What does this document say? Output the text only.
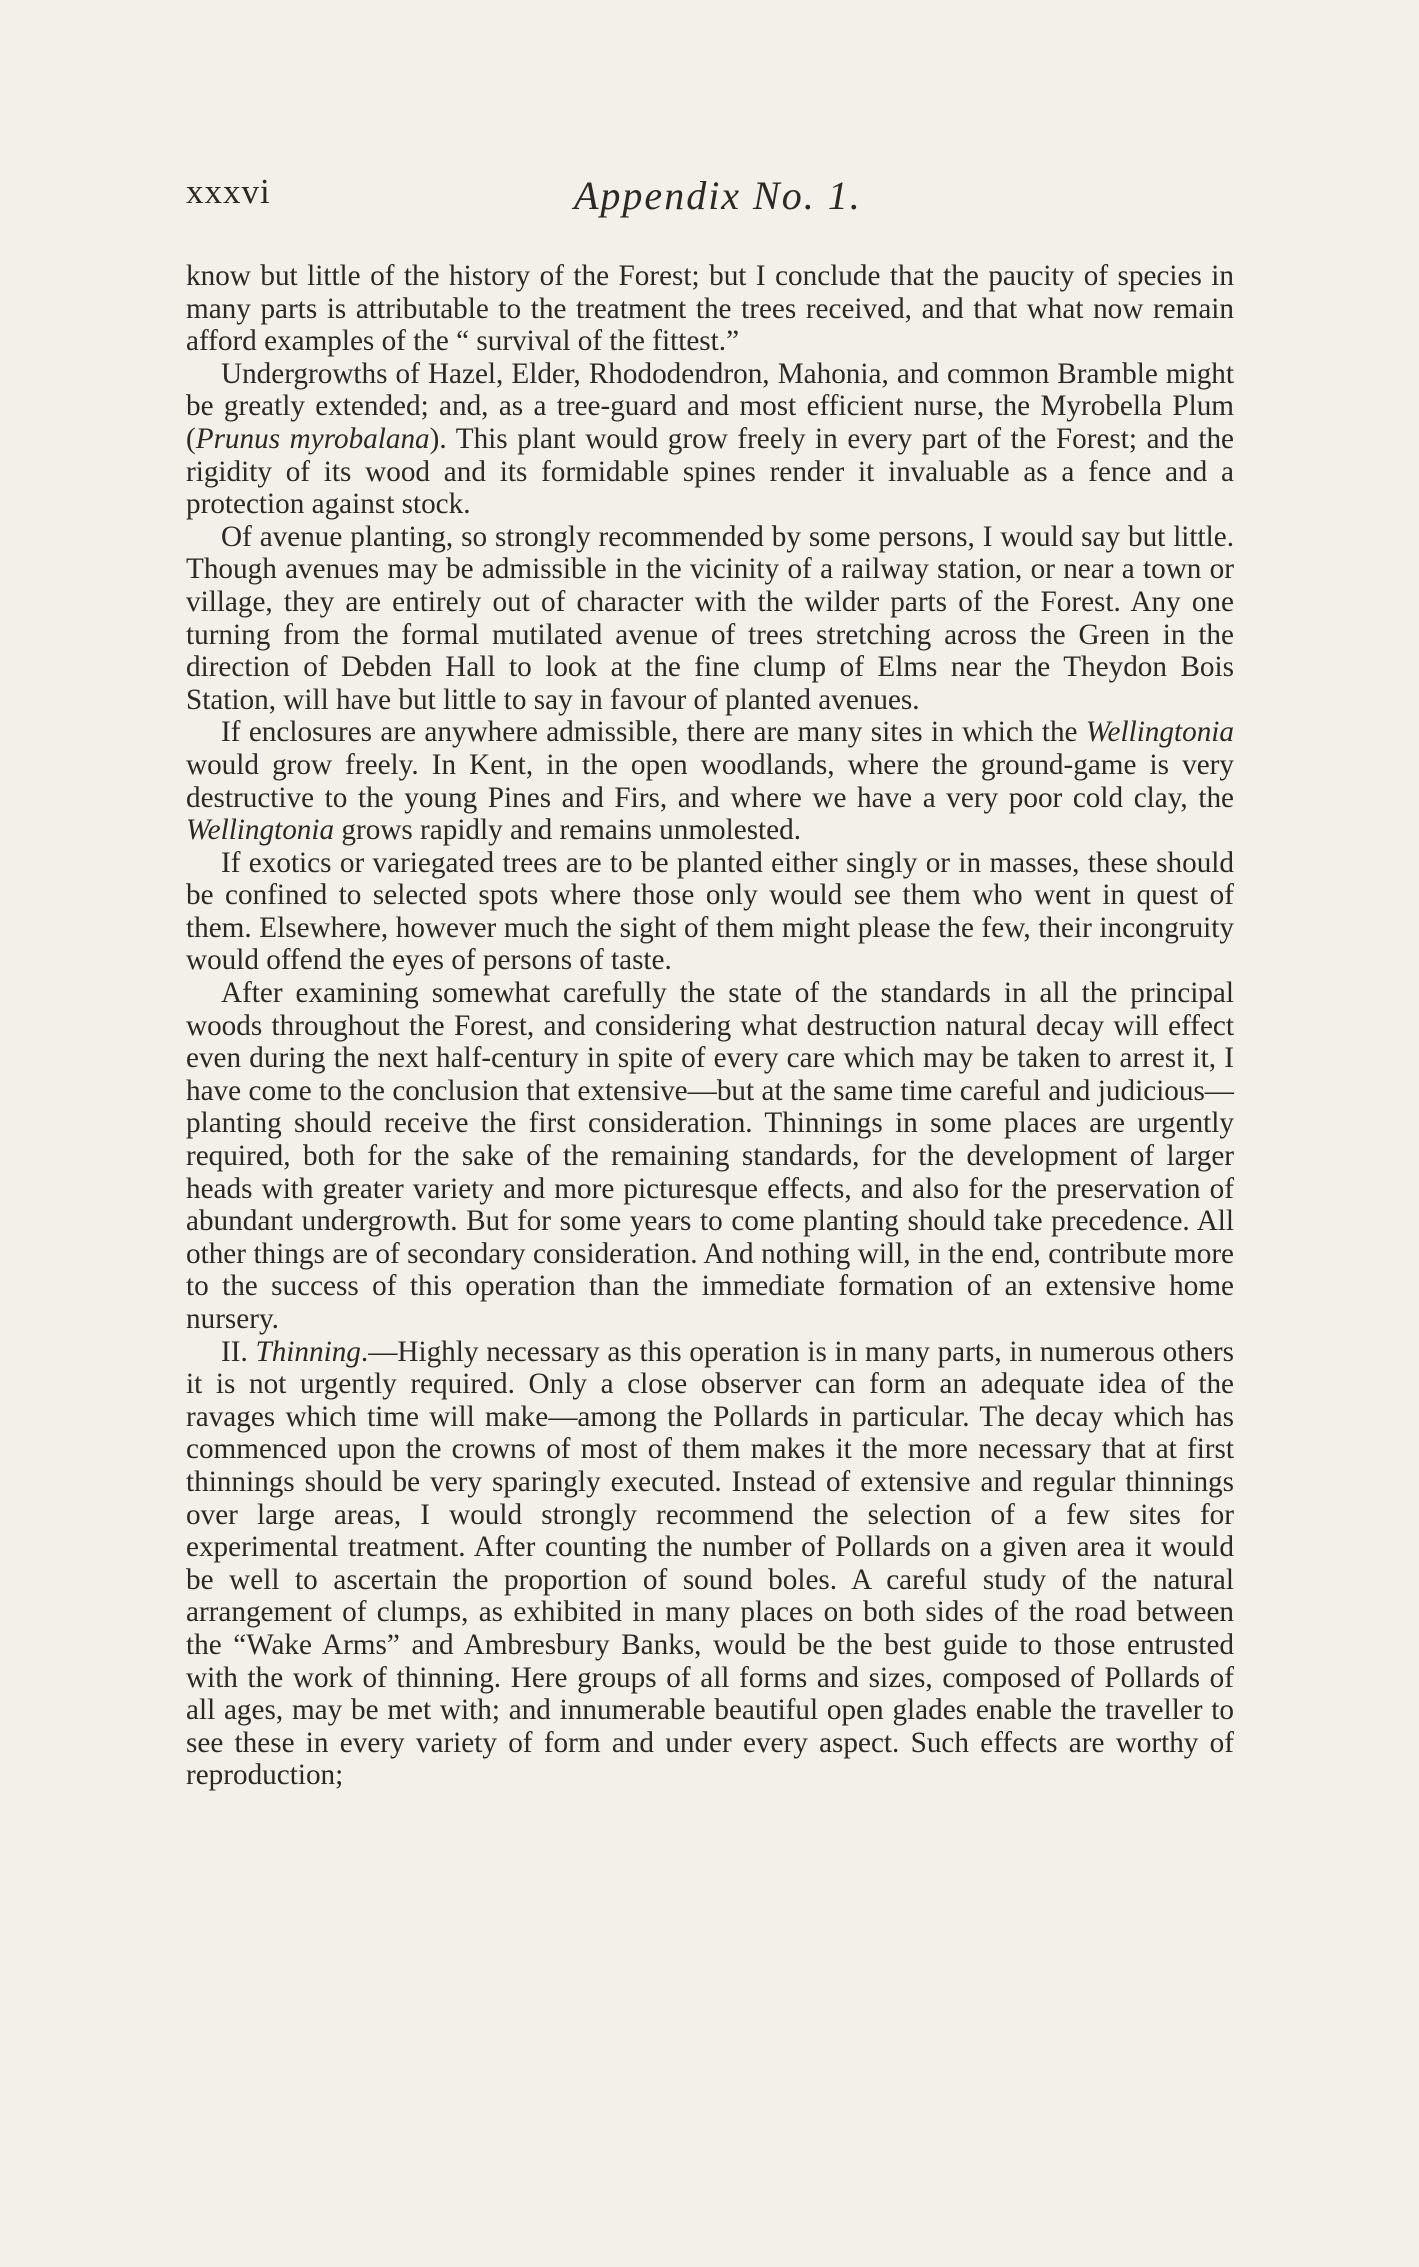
xxxvi	Appendix No. 1.

know but little of the history of the Forest; but I conclude that the paucity of species in many parts is attributable to the treatment the trees received, and that what now remain afford examples of the “ survival of the fittest.”

Undergrowths of Hazel, Elder, Rhododendron, Mahonia, and common Bramble might be greatly extended; and, as a tree-guard and most efficient nurse, the Myrobella Plum (Prunus myrobalana). This plant would grow freely in every part of the Forest; and the rigidity of its wood and its formidable spines render it invaluable as a fence and a protection against stock.

Of avenue planting, so strongly recommended by some persons, I would say but little. Though avenues may be admissible in the vicinity of a railway station, or near a town or village, they are entirely out of character with the wilder parts of the Forest. Any one turning from the formal mutilated avenue of trees stretching across the Green in the direction of Debden Hall to look at the fine clump of Elms near the Theydon Bois Station, will have but little to say in favour of planted avenues.

If enclosures are anywhere admissible, there are many sites in which the Wellingtonia would grow freely. In Kent, in the open woodlands, where the ground-game is very destructive to the young Pines and Firs, and where we have a very poor cold clay, the Wellingtonia grows rapidly and remains unmolested.

If exotics or variegated trees are to be planted either singly or in masses, these should be confined to selected spots where those only would see them who went in quest of them. Elsewhere, however much the sight of them might please the few, their incongruity would offend the eyes of persons of taste.

After examining somewhat carefully the state of the standards in all the principal woods throughout the Forest, and considering what destruction natural decay will effect even during the next half-century in spite of every care which may be taken to arrest it, I have come to the conclusion that extensive—but at the same time careful and judicious—planting should receive the first consideration. Thinnings in some places are urgently required, both for the sake of the remaining standards, for the development of larger heads with greater variety and more picturesque effects, and also for the preservation of abundant undergrowth. But for some years to come planting should take precedence. All other things are of secondary consideration. And nothing will, in the end, contribute more to the success of this operation than the immediate formation of an extensive home nursery.

II. Thinning.—Highly necessary as this operation is in many parts, in numerous others it is not urgently required. Only a close observer can form an adequate idea of the ravages which time will make—among the Pollards in particular. The decay which has commenced upon the crowns of most of them makes it the more necessary that at first thinnings should be very sparingly executed. Instead of extensive and regular thinnings over large areas, I would strongly recommend the selection of a few sites for experimental treatment. After counting the number of Pollards on a given area it would be well to ascertain the proportion of sound boles. A careful study of the natural arrangement of clumps, as exhibited in many places on both sides of the road between the “Wake Arms” and Ambresbury Banks, would be the best guide to those entrusted with the work of thinning. Here groups of all forms and sizes, composed of Pollards of all ages, may be met with; and innumerable beautiful open glades enable the traveller to see these in every variety of form and under every aspect. Such effects are worthy of reproduction;
